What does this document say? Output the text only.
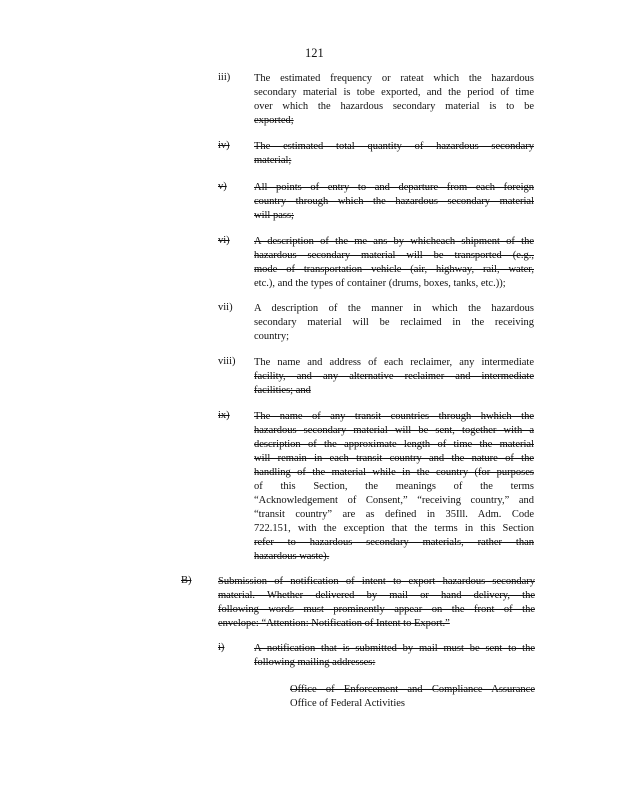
121
iii) The estimated frequency or rateat which the hazardous
secondary material is tobe exported, and the period of time
over which the hazardous secondary material is to be
exported;
iv) The estimated total quantity of hazardous secondary
material;
v)	All points of entry to and departure from each foreign
country through which the hazardous secondary material
will pass;
vi) A description of the me ans by whicheach shipment of the
hazardous secondary material will be transported (e.g.,
mode of transportation vehicle (air, highway, rail, water,
etc.), and the types of container (drums, boxes, tanks, etc.));
vii) A description of the manner in which the hazardous
secondary material will be reclaimed in the receiving
country;
viii) The name and address of each reclaimer, any intermediate
facility, and any alternative reclaimer and intermediate
facilities; and
ix) The name of any transit countries through hwhich the
hazardous secondary material will be sent, together with a
description of the approximate length of time the material
will remain in each transit country and the nature of the
handling of the material while in the country (for purposes
of this Section, the meanings of the terms
“Acknowledgement of Consent,” “receiving country,” and
“transit country” are as defined in 35Ill. Adm. Code
722.151, with the exception that the terms in this Section
refer to hazardous secondary materials, rather than
hazardous waste).
B)	Submission of notification of intent to export hazardous secondary
material. Whether delivered by mail or hand delivery, the
following words must prominently appear on the front of the
envelope: “Attention: Notification of Intent to Export.”
i)	A notification that is submitted by mail must be sent to the
following mailing addresses:
Office of Enforcement and Compliance Assurance
Office of Federal Activities
